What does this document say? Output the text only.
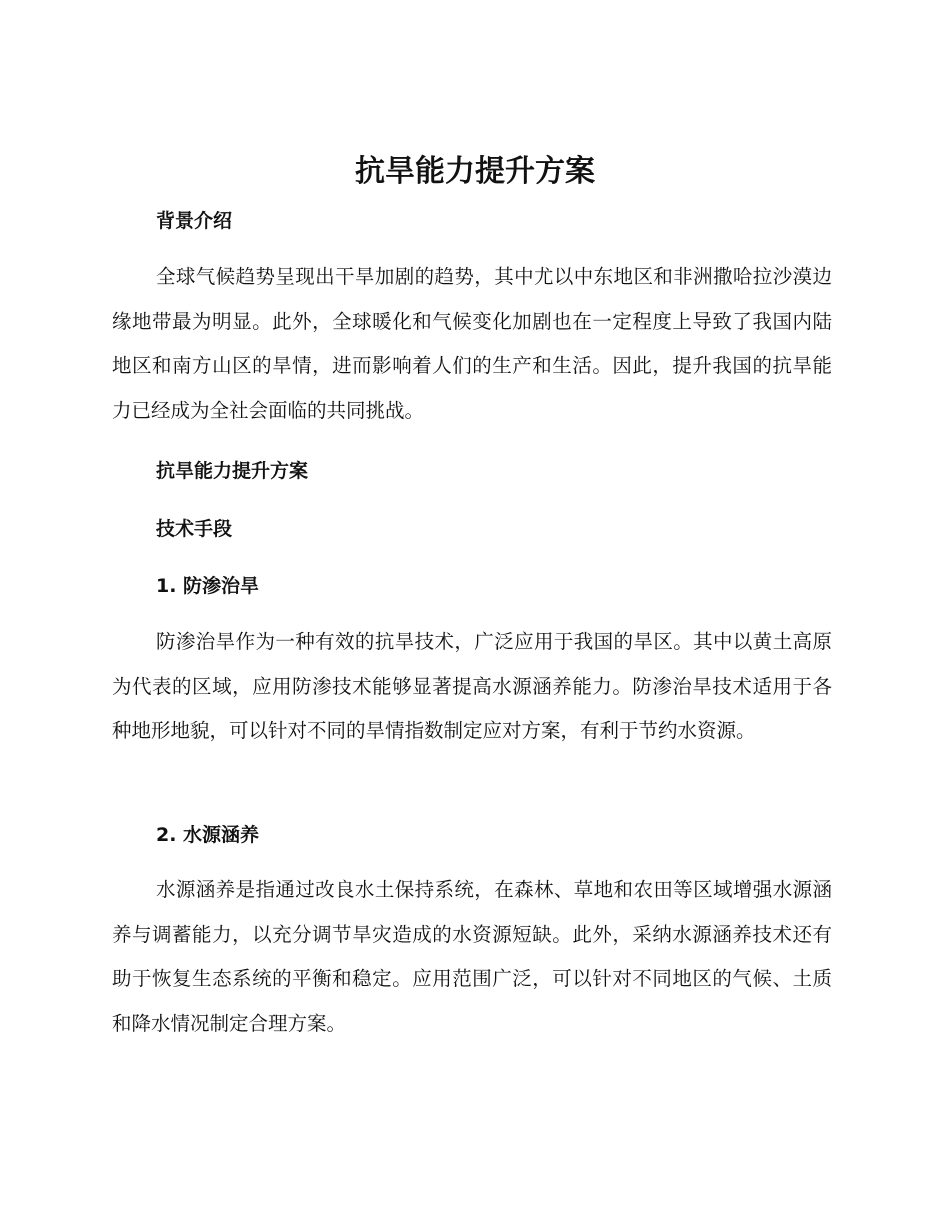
抗旱能力提升方案
背景介绍

全球气候趋势呈现出干旱加剧的趋势，其中尤以中东地区和非洲撒哈拉沙漠边缘地带最为明显。此外，全球暖化和气候变化加剧也在一定程度上导致了我国内陆地区和南方山区的旱情，进而影响着人们的生产和生活。因此，提升我国的抗旱能力已经成为全社会面临的共同挑战。

抗旱能力提升方案
技术手段
1. 防渗治旱

防渗治旱作为一种有效的抗旱技术，广泛应用于我国的旱区。其中以黄土高原为代表的区域，应用防渗技术能够显著提高水源涵养能力。防渗治旱技术适用于各种地形地貌，可以针对不同的旱情指数制定应对方案，有利于节约水资源。

2. 水源涵养

水源涵养是指通过改良水土保持系统，在森林、草地和农田等区域增强水源涵养与调蓄能力，以充分调节旱灾造成的水资源短缺。此外，采纳水源涵养技术还有助于恢复生态系统的平衡和稳定。应用范围广泛，可以针对不同地区的气候、土质和降水情况制定合理方案。
